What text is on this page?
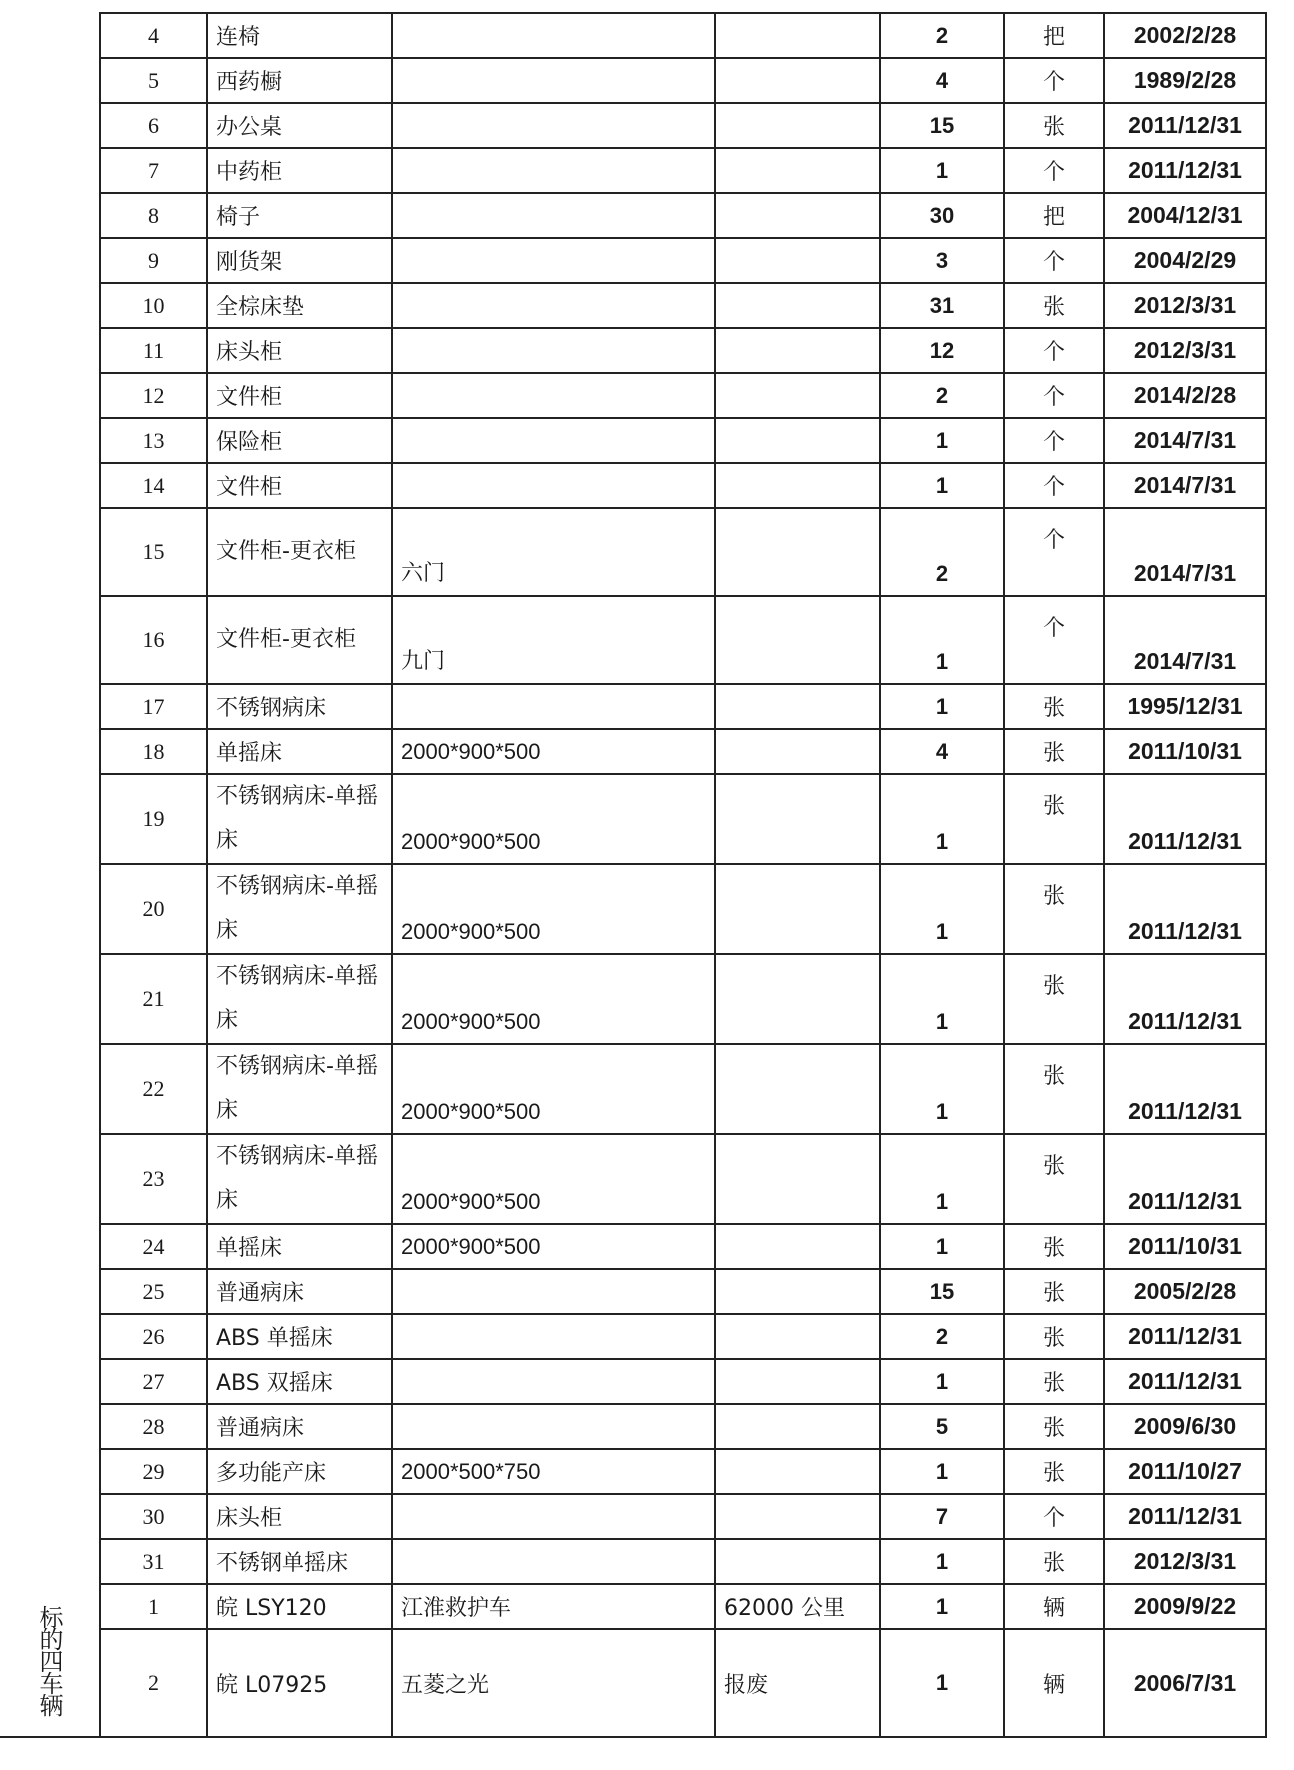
	4	连椅			2	把	2002/2/28
	5	西药橱			4	个	1989/2/28
	6	办公桌			15	张	2011/12/31
	7	中药柜			1	个	2011/12/31
	8	椅子			30	把	2004/12/31
	9	刚货架			3	个	2004/2/29
	10	全棕床垫			31	张	2012/3/31
	11	床头柜			12	个	2012/3/31
	12	文件柜			2	个	2014/2/28
	13	保险柜			1	个	2014/7/31
	14	文件柜			1	个	2014/7/31
	15	文件柜-更衣柜	六门		2	个	2014/7/31
	16	文件柜-更衣柜	九门		1	个	2014/7/31
	17	不锈钢病床			1	张	1995/12/31
	18	单摇床	2000*900*500		4	张	2011/10/31
	19	不锈钢病床-单摇床	2000*900*500		1	张	2011/12/31
	20	不锈钢病床-单摇床	2000*900*500		1	张	2011/12/31
	21	不锈钢病床-单摇床	2000*900*500		1	张	2011/12/31
	22	不锈钢病床-单摇床	2000*900*500		1	张	2011/12/31
	23	不锈钢病床-单摇床	2000*900*500		1	张	2011/12/31
	24	单摇床	2000*900*500		1	张	2011/10/31
	25	普通病床			15	张	2005/2/28
	26	ABS 单摇床			2	张	2011/12/31
	27	ABS 双摇床			1	张	2011/12/31
	28	普通病床			5	张	2009/6/30
	29	多功能产床	2000*500*750		1	张	2011/10/27
	30	床头柜			7	个	2011/12/31
	31	不锈钢单摇床			1	张	2012/3/31

标的四车辆	1	皖 LSY120	江淮救护车	62000 公里	1	辆	2009/9/22
	2	皖 L07925	五菱之光	报废	1	辆	2006/7/31
